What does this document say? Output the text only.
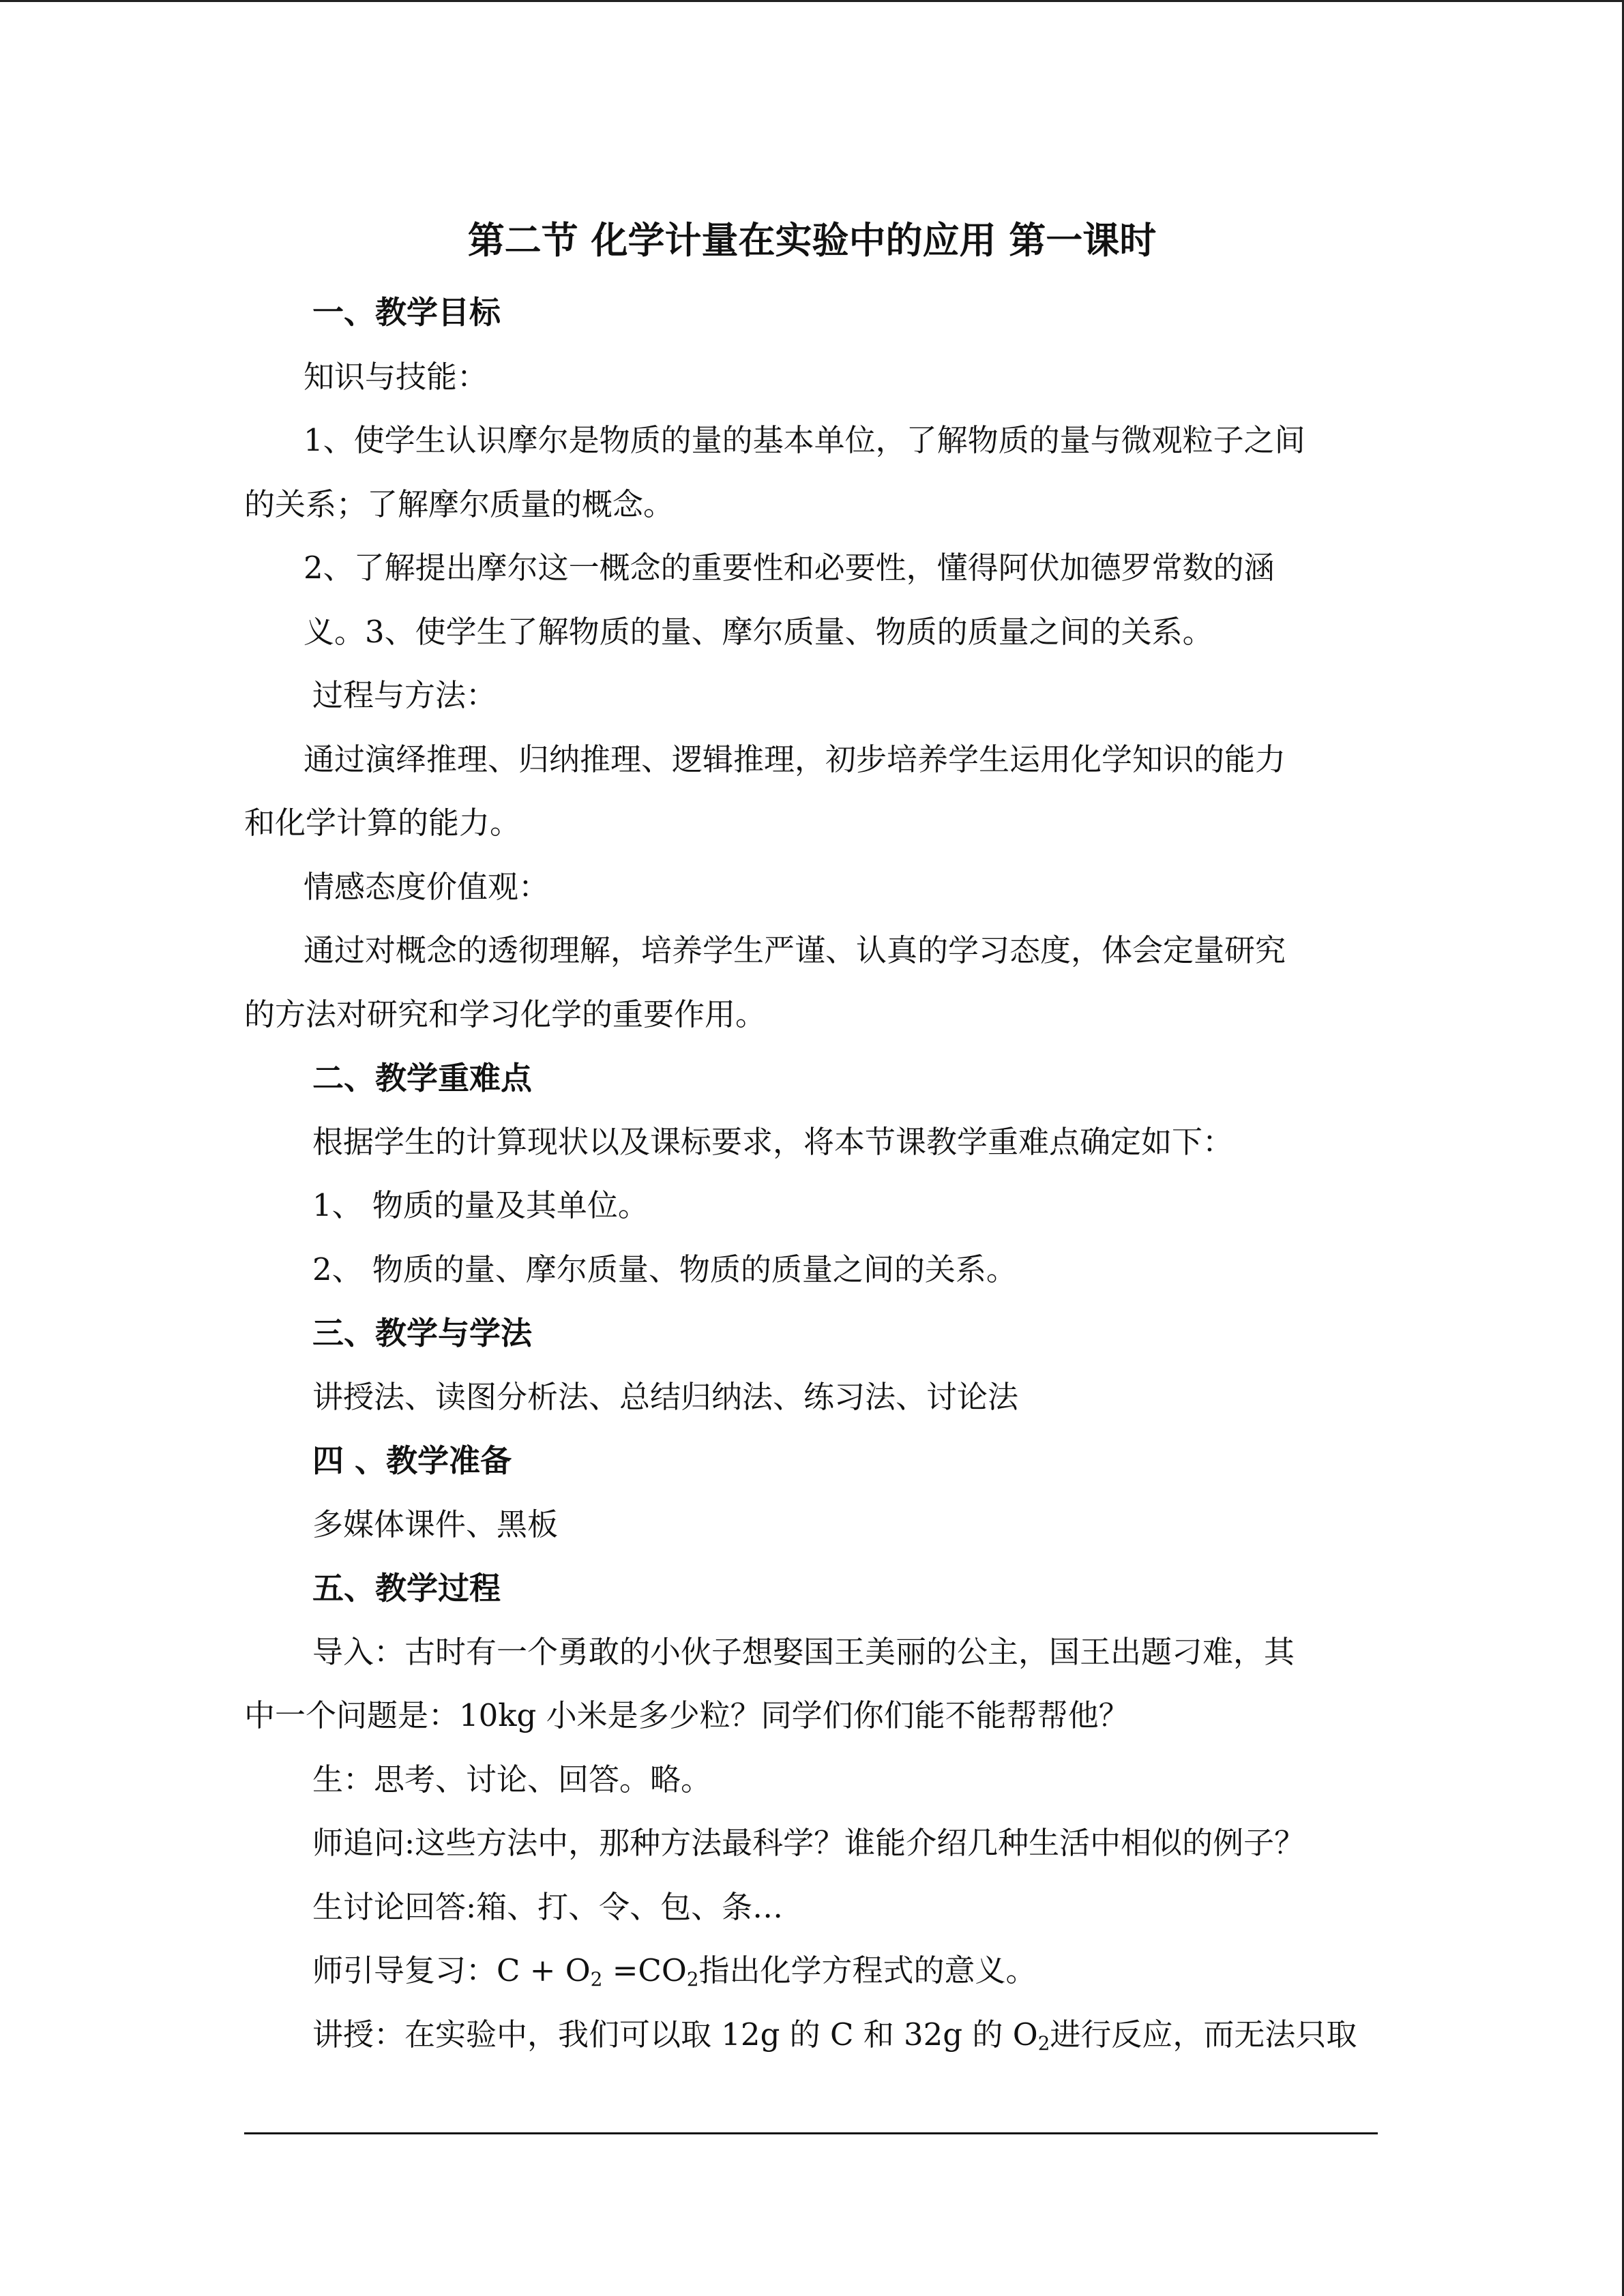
第二节 化学计量在实验中的应用 第一课时
一、教学目标
知识与技能：
1、使学生认识摩尔是物质的量的基本单位，了解物质的量与微观粒子之间
的关系；了解摩尔质量的概念。
2、了解提出摩尔这一概念的重要性和必要性，懂得阿伏加德罗常数的涵
义。3、使学生了解物质的量、摩尔质量、物质的质量之间的关系。
过程与方法：
通过演绎推理、归纳推理、逻辑推理，初步培养学生运用化学知识的能力
和化学计算的能力。
情感态度价值观：
通过对概念的透彻理解，培养学生严谨、认真的学习态度，体会定量研究
的方法对研究和学习化学的重要作用。
二、教学重难点
根据学生的计算现状以及课标要求，将本节课教学重难点确定如下：
1、 物质的量及其单位。
2、 物质的量、摩尔质量、物质的质量之间的关系。
三、教学与学法
讲授法、读图分析法、总结归纳法、练习法、讨论法
四 、教学准备
多媒体课件、黑板
五、教学过程
导入：古时有一个勇敢的小伙子想娶国王美丽的公主，国王出题刁难，其
中一个问题是：10kg 小米是多少粒？同学们你们能不能帮帮他？
生：思考、讨论、回答。略。
师追问:这些方法中，那种方法最科学？谁能介绍几种生活中相似的例子？
生讨论回答:箱、打、令、包、条…
师引导复习：$C + O_2 =CO_2$指出化学方程式的意义。
讲授：在实验中，我们可以取 12g 的 C 和 32g 的 $O_2$进行反应，而无法只取
